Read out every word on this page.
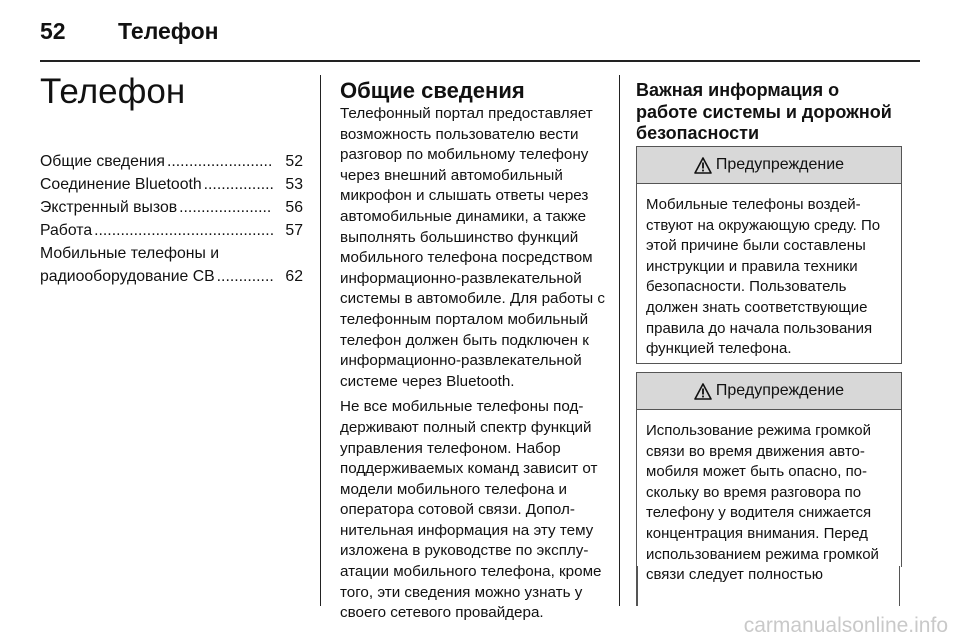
52 Телефон
Телефон
Общие сведения ........................ 52
Соединение Bluetooth ................ 53
Экстренный вызов ..................... 56
Работа ......................................... 57
Мобильные телефоны и
радиооборудование CB ............. 62
Общие сведения

Телефонный портал предоставляет возможность пользователю вести разговор по мобильному телефону через внешний автомобильный микрофон и слышать ответы через автомобильные динамики, а также выполнять большинство функций мобильного телефона посредством информационно-развлекательной системы в автомобиле. Для работы с телефонным порталом мобильный телефон должен быть подключен к информационно-развлекательной системе через Bluetooth.

Не все мобильные телефоны поддерживают полный спектр функций управления телефоном. Набор поддерживаемых команд зависит от модели мобильного телефона и оператора сотовой связи. Дополнительная информация на эту тему изложена в руководстве по эксплуатации мобильного телефона, кроме того, эти сведения можно узнать у своего сетевого провайдера.

Важная информация о работе системы и дорожной безопасности
Предупреждение
Мобильные телефоны воздействуют на окружающую среду. По этой причине были составлены инструкции и правила техники безопасности. Пользователь должен знать соответствующие правила до начала пользования функцией телефона.
Предупреждение
Использование режима громкой связи во время движения автомобиля может быть опасно, поскольку во время разговора по телефону у водителя снижается концентрация внимания. Перед использованием режима громкой связи следует полностью
carmanualsonline.info
